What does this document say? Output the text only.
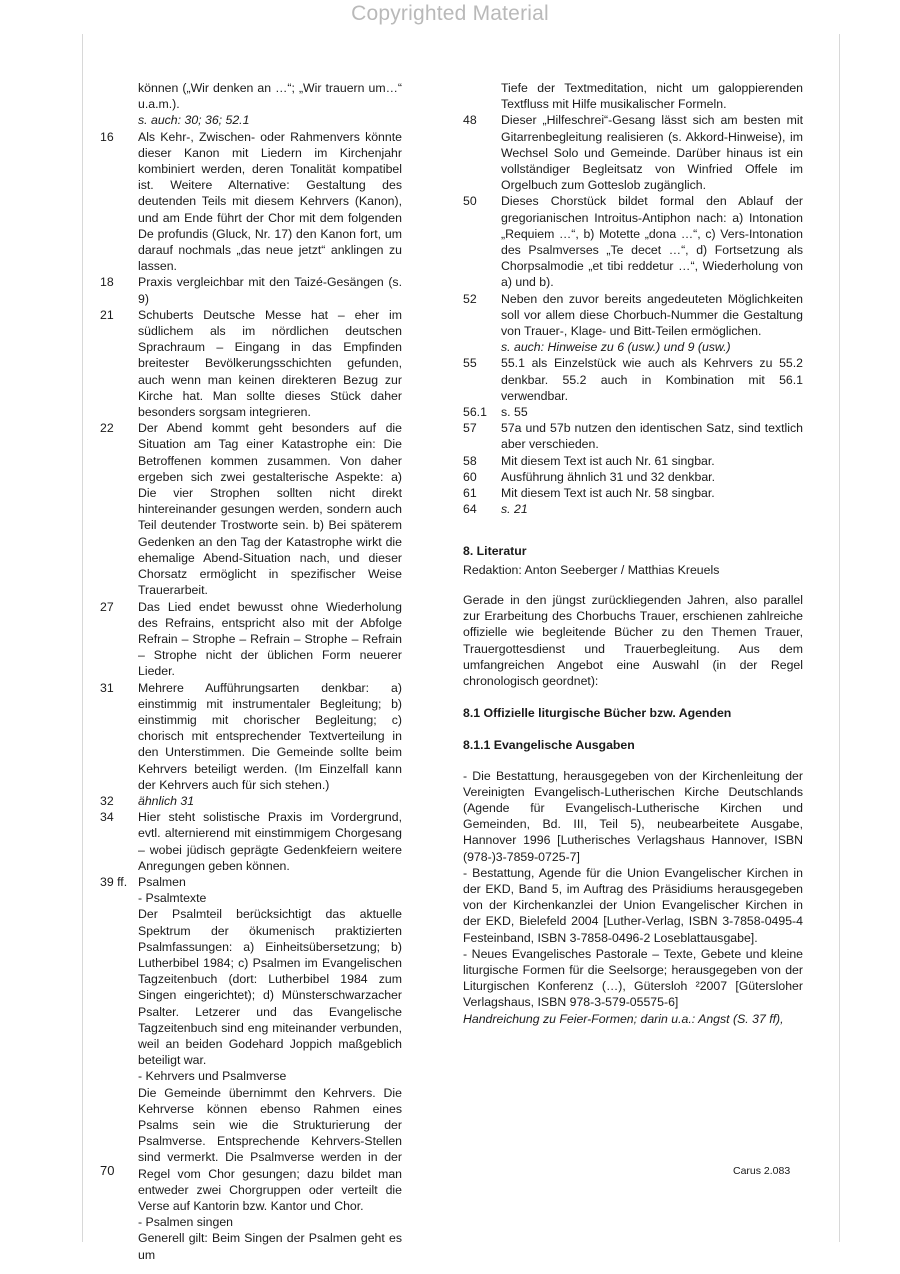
Copyrighted Material
können („Wir denken an …“; „Wir trauern um…“ u.a.m.).
s. auch: 30; 36; 52.1
16	Als Kehr-, Zwischen- oder Rahmenvers könnte dieser Kanon mit Liedern im Kirchenjahr kombiniert werden, deren Tonalität kompatibel ist. Weitere Alternative: Gestaltung des deutenden Teils mit diesem Kehrvers (Kanon), und am Ende führt der Chor mit dem folgenden De profundis (Gluck, Nr. 17) den Kanon fort, um darauf nochmals „das neue jetzt“ anklingen zu lassen.
18	Praxis vergleichbar mit den Taizé-Gesängen (s. 9)
21	Schuberts Deutsche Messe hat – eher im südlichem als im nördlichen deutschen Sprachraum – Eingang in das Empfinden breitester Bevölkerungsschichten gefunden, auch wenn man keinen direkteren Bezug zur Kirche hat. Man sollte dieses Stück daher besonders sorgsam integrieren.
22	Der Abend kommt geht besonders auf die Situation am Tag einer Katastrophe ein: Die Betroffenen kommen zusammen. Von daher ergeben sich zwei gestalterische Aspekte: a) Die vier Strophen sollten nicht direkt hintereinander gesungen werden, sondern auch Teil deutender Trostworte sein. b) Bei späterem Gedenken an den Tag der Katastrophe wirkt die ehemalige Abend-Situation nach, und dieser Chorsatz ermöglicht in spezifischer Weise Trauerarbeit.
27	Das Lied endet bewusst ohne Wiederholung des Refrains, entspricht also mit der Abfolge Refrain – Strophe – Refrain – Strophe – Refrain – Strophe nicht der üblichen Form neuerer Lieder.
31	Mehrere Aufführungsarten denkbar: a) einstimmig mit instrumentaler Begleitung; b) einstimmig mit chorischer Begleitung; c) chorisch mit entsprechender Textverteilung in den Unterstimmen. Die Gemeinde sollte beim Kehrvers beteiligt werden. (Im Einzelfall kann der Kehrvers auch für sich stehen.)
32	ähnlich 31
34	Hier steht solistische Praxis im Vordergrund, evtl. alternierend mit einstimmigem Chorgesang – wobei jüdisch geprägte Gedenkfeiern weitere Anregungen geben können.
39 ff. Psalmen
- Psalmtexte
Der Psalmteil berücksichtigt das aktuelle Spektrum der ökumenisch praktizierten Psalmfassungen: a) Einheitsübersetzung; b) Lutherbibel 1984; c) Psalmen im Evangelischen Tagzeitenbuch (dort: Lutherbibel 1984 zum Singen eingerichtet); d) Münsterschwarzacher Psalter. Letzerer und das Evangelische Tagzeitenbuch sind eng miteinander verbunden, weil an beiden Godehard Joppich maßgeblich beteiligt war.
- Kehrvers und Psalmverse
Die Gemeinde übernimmt den Kehrvers. Die Kehrverse können ebenso Rahmen eines Psalms sein wie die Strukturierung der Psalmverse. Entsprechende Kehrvers-Stellen sind vermerkt. Die Psalmverse werden in der Regel vom Chor gesungen; dazu bildet man entweder zwei Chorgruppen oder verteilt die Verse auf Kantorin bzw. Kantor und Chor.
- Psalmen singen
Generell gilt: Beim Singen der Psalmen geht es um
Tiefe der Textmeditation, nicht um galoppierenden Textfluss mit Hilfe musikalischer Formeln.
48	Dieser „Hilfeschrei“-Gesang lässt sich am besten mit Gitarrenbegleitung realisieren (s. Akkord-Hinweise), im Wechsel Solo und Gemeinde. Darüber hinaus ist ein vollständiger Begleitsatz von Winfried Offele im Orgelbuch zum Gotteslob zugänglich.
50	Dieses Chorstück bildet formal den Ablauf der gregorianischen Introitus-Antiphon nach: a) Intonation „Requiem …“, b) Motette „dona …“, c) Vers-Intonation des Psalmverses „Te decet …“, d) Fortsetzung als Chorpsalmodie „et tibi reddetur …“, Wiederholung von a) und b).
52	Neben den zuvor bereits angedeuteten Möglichkeiten soll vor allem diese Chorbuch-Nummer die Gestaltung von Trauer-, Klage- und Bitt-Teilen ermöglichen.
s. auch: Hinweise zu 6 (usw.) und 9 (usw.)
55	55.1 als Einzelstück wie auch als Kehrvers zu 55.2 denkbar. 55.2 auch in Kombination mit 56.1 verwendbar.
56.1	s. 55
57	57a und 57b nutzen den identischen Satz, sind textlich aber verschieden.
58	Mit diesem Text ist auch Nr. 61 singbar.
60	Ausführung ähnlich 31 und 32 denkbar.
61	Mit diesem Text ist auch Nr. 58 singbar.
64	s. 21
8. Literatur
Redaktion: Anton Seeberger / Matthias Kreuels
Gerade in den jüngst zurückliegenden Jahren, also parallel zur Erarbeitung des Chorbuchs Trauer, erschienen zahlreiche offizielle wie begleitende Bücher zu den Themen Trauer, Trauergottesdienst und Trauerbegleitung. Aus dem umfangreichen Angebot eine Auswahl (in der Regel chronologisch geordnet):
8.1 Offizielle liturgische Bücher bzw. Agenden
8.1.1 Evangelische Ausgaben
- Die Bestattung, herausgegeben von der Kirchenleitung der Vereinigten Evangelisch-Lutherischen Kirche Deutschlands (Agende für Evangelisch-Lutherische Kirchen und Gemeinden, Bd. III, Teil 5), neubearbeitete Ausgabe, Hannover 1996 [Lutherisches Verlagshaus Hannover, ISBN (978-)3-7859-0725-7]
- Bestattung, Agende für die Union Evangelischer Kirchen in der EKD, Band 5, im Auftrag des Präsidiums herausgegeben von der Kirchenkanzlei der Union Evangelischer Kirchen in der EKD, Bielefeld 2004 [Luther-Verlag, ISBN 3-7858-0495-4 Festeinband, ISBN 3-7858-0496-2 Loseblattausgabe].
- Neues Evangelisches Pastorale – Texte, Gebete und kleine liturgische Formen für die Seelsorge; herausgegeben von der Liturgischen Konferenz (…), Gütersloh ²2007 [Gütersloher Verlagshaus, ISBN 978-3-579-05575-6]
Handreichung zu Feier-Formen; darin u.a.: Angst (S. 37 ff),
70	Carus 2.083
